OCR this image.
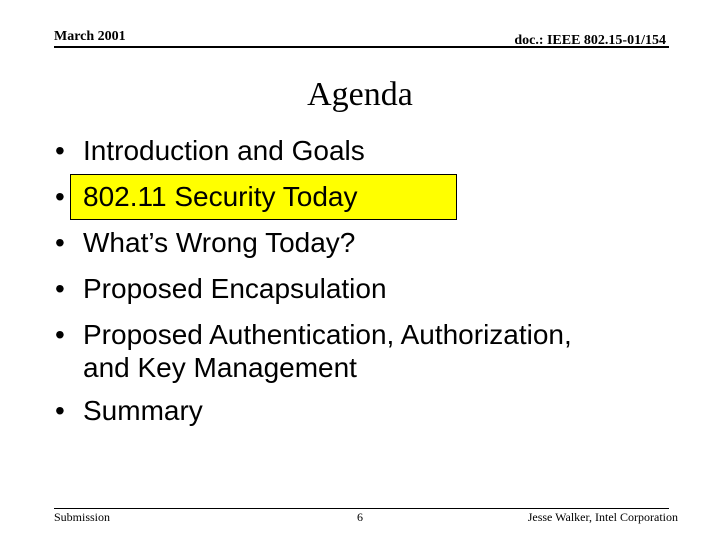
March 2001	doc.: IEEE 802.15-01/154
Agenda
• Introduction and Goals
• 802.11 Security Today
• What’s Wrong Today?
• Proposed Encapsulation
• Proposed Authentication, Authorization,
and Key Management
• Summary
Submission	6	Jesse Walker, Intel Corporation
